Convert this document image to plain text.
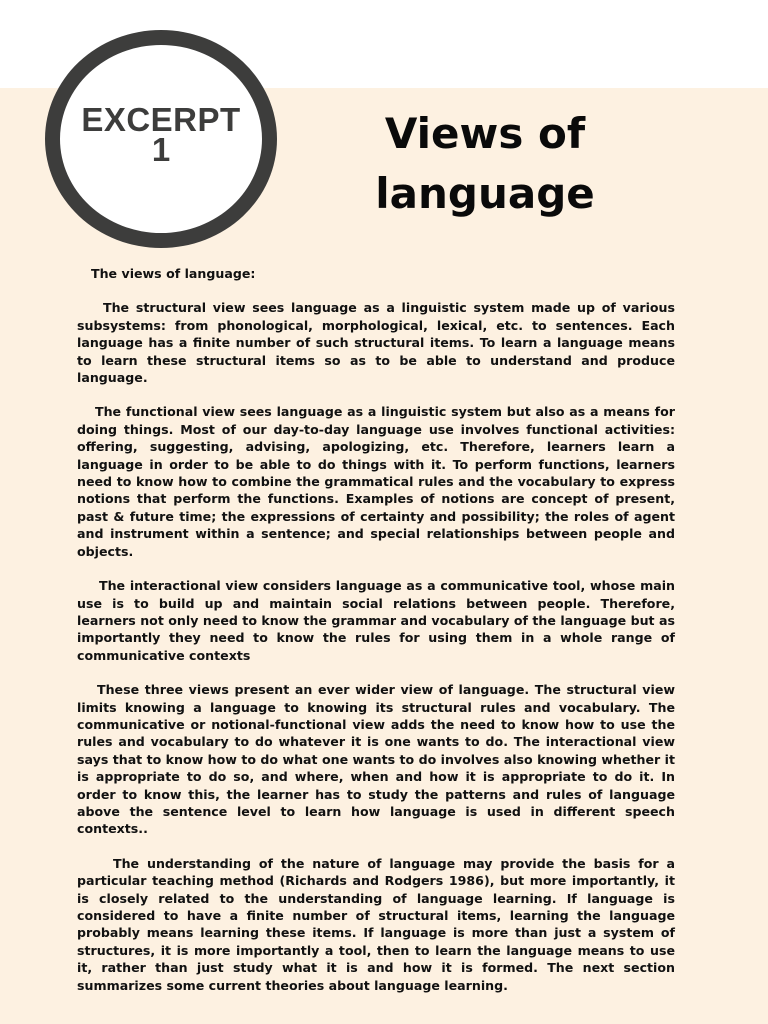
EXCERPT
1	Views of
language
The views of language:

The structural view sees language as a linguistic system made up of various subsystems: from phonological, morphological, lexical, etc. to sentences. Each language has a finite number of such structural items. To learn a language means to learn these structural items so as to be able to understand and produce language.

The functional view sees language as a linguistic system but also as a means for doing things. Most of our day-to-day language use involves functional activities: offering, suggesting, advising, apologizing, etc. Therefore, learners learn a language in order to be able to do things with it. To perform functions, learners need to know how to combine the grammatical rules and the vocabulary to express notions that perform the functions. Examples of notions are concept of present, past & future time; the expressions of certainty and possibility; the roles of agent and instrument within a sentence; and special relationships between people and objects.

The interactional view considers language as a communicative tool, whose main use is to build up and maintain social relations between people. Therefore, learners not only need to know the grammar and vocabulary of the language but as importantly they need to know the rules for using them in a whole range of communicative contexts

These three views present an ever wider view of language. The structural view limits knowing a language to knowing its structural rules and vocabulary. The communicative or notional-functional view adds the need to know how to use the rules and vocabulary to do whatever it is one wants to do. The interactional view says that to know how to do what one wants to do involves also knowing whether it is appropriate to do so, and where, when and how it is appropriate to do it. In order to know this, the learner has to study the patterns and rules of language above the sentence level to learn how language is used in different speech contexts..

The understanding of the nature of language may provide the basis for a particular teaching method (Richards and Rodgers 1986), but more importantly, it is closely related to the understanding of language learning. If language is considered to have a finite number of structural items, learning the language probably means learning these items. If language is more than just a system of structures, it is more importantly a tool, then to learn the language means to use it, rather than just study what it is and how it is formed. The next section summarizes some current theories about language learning.
